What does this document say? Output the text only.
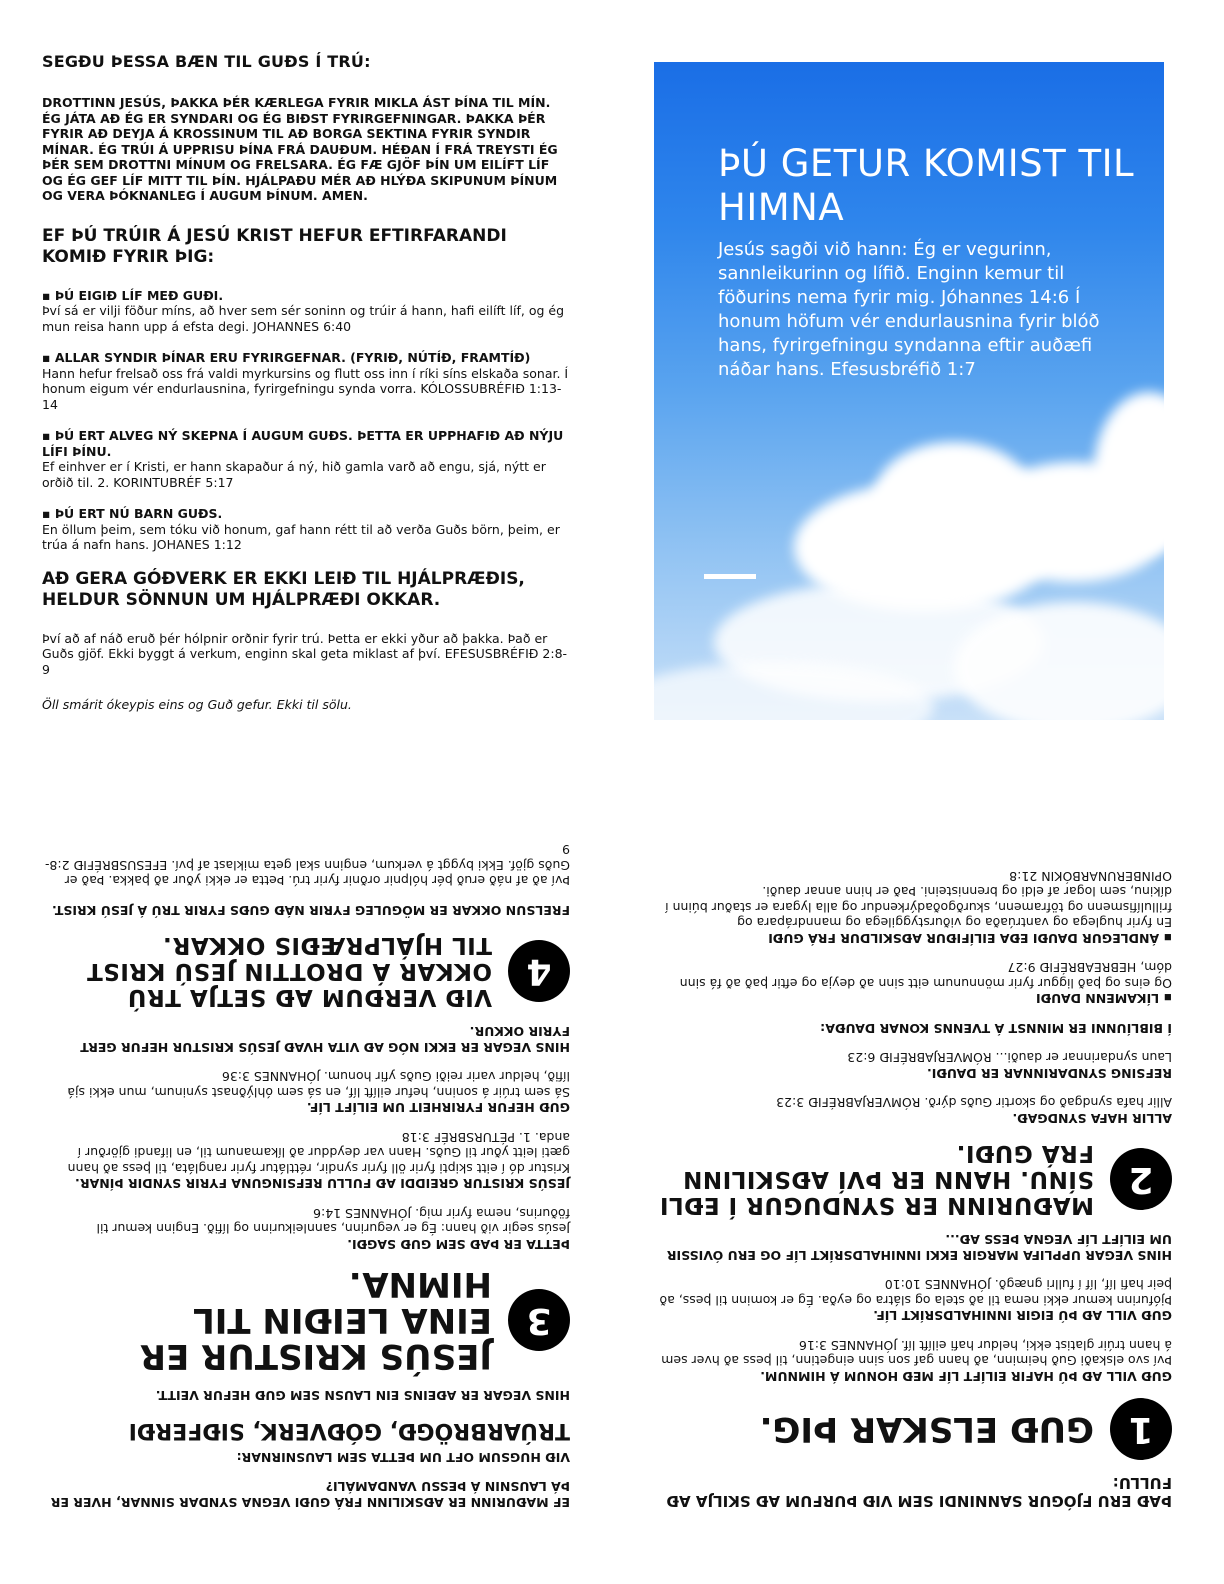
SEGÐU ÞESSA BÆN TIL GUÐS Í TRÚ:
DROTTINN JESÚS, ÞAKKA ÞÉR KÆRLEGA FYRIR MIKLA ÁST ÞÍNA TIL MÍN. ÉG JÁTA AÐ ÉG ER SYNDARI OG ÉG BIÐST FYRIRGEFNINGAR. ÞAKKA ÞÉR FYRIR AÐ DEYJA Á KROSSINUM TIL AÐ BORGA SEKTINA FYRIR SYNDIR MÍNAR. ÉG TRÚI Á UPPRISU ÞÍNA FRÁ DAUÐUM. HÉÐAN Í FRÁ TREYSTI ÉG ÞÉR SEM DROTTNI MÍNUM OG FRELSARA. ÉG FÆ GJÖF ÞÍN UM EILÍFT LÍF OG ÉG GEF LÍF MITT TIL ÞÍN. HJÁLPAÐU MÉR AÐ HLÝÐA SKIPUNUM ÞÍNUM OG VERA ÞÓKNANLEG Í AUGUM ÞÍNUM. AMEN.
EF ÞÚ TRÚIR Á JESÚ KRIST HEFUR EFTIRFARANDI KOMIÐ FYRIR ÞIG:
▪ ÞÚ EIGIÐ LÍF MEÐ GUÐI.
Því sá er vilji föður míns, að hver sem sér soninn og trúir á hann, hafi eilíft líf, og ég mun reisa hann upp á efsta degi. JOHANNES 6:40
▪ ALLAR SYNDIR ÞÍNAR ERU FYRIRGEFNAR. (FYRIÐ, NÚTÍÐ, FRAMTÍÐ)
Hann hefur frelsað oss frá valdi myrkursins og flutt oss inn í ríki síns elskaða sonar. Í honum eigum vér endurlausnina, fyrirgefningu synda vorra. KÓLOSSUBRÉFIÐ 1:13-14
▪ ÞÚ ERT ALVEG NÝ SKEPNA Í AUGUM GUÐS. ÞETTA ER UPPHAFIÐ AÐ NÝJU LÍFI ÞÍNU.
Ef einhver er í Kristi, er hann skapaður á ný, hið gamla varð að engu, sjá, nýtt er orðið til. 2. KORINTUBRÉF 5:17
▪ ÞÚ ERT NÚ BARN GUÐS.
En öllum þeim, sem tóku við honum, gaf hann rétt til að verða Guðs börn, þeim, er trúa á nafn hans. JOHANES 1:12
AÐ GERA GÓÐVERK ER EKKI LEIÐ TIL HJÁLPRÆÐIS, HELDUR SÖNNUN UM HJÁLPRÆÐI OKKAR.
Því að af náð eruð þér hólpnir orðnir fyrir trú. Þetta er ekki yður að þakka. Það er Guðs gjöf. Ekki byggt á verkum, enginn skal geta miklast af því. EFESUSBRÉFIÐ 2:8-9
Öll smárit ókeypis eins og Guð gefur. Ekki til sölu.
ÞÚ GETUR KOMIST TIL HIMNA
Jesús sagði við hann: Ég er vegurinn, sannleikurinn og lífið. Enginn kemur til föðurins nema fyrir mig. Jóhannes 14:6 Í honum höfum vér endurlausnina fyrir blóð hans, fyrirgefningu syndanna eftir auðæfi náðar hans. Efesusbréfið 1:7

ÞAÐ ERU FJÓGUR SANNINDI SEM VIÐ ÞURFUM AÐ SKILJA AÐ FULLU:

1
GUÐ ELSKAR ÞIG.

GUÐ VILL AÐ ÞÚ HAFIR EILÍFT LÍF MEÐ HONUM Á HIMNUM.
Því svo elskaði Guð heiminn, að hann gaf son sinn eingetinn, til þess að hver sem á hann trúir glatist ekki, heldur hafi eilíft líf. JÓHANNES 3:16

GUÐ VILL AÐ ÞÚ EIGIR INNIHALDSRÍKT LÍF.
Þjófurinn kemur ekki nema til að stela og slátra og eyða. Ég er kominn til þess, að þeir hafi líf, líf í fullri gnægð. JÓHANNES 10:10

HINS VEGAR UPPLIFA MARGIR EKKI INNIHALDSRÍKT LÍF OG ERU ÓVISSIR UM EILÍFT LÍF VEGNA ÞESS AÐ...

2
MAÐURINN ER SYNDUGUR Í EÐLI SÍNU. HANN ER ÞVÍ AÐSKILINN FRÁ GUÐI.

ALLIR HAFA SYNDGAÐ.
Allir hafa syndgað og skortir Guðs dýrð. RÓMVERJABRÉFIÐ 3:23

REFSING SYNDARINNAR ER DAUÐI.
Laun syndarinnar er dauði... RÓMVERJABRÉFIÐ 6:23

Í BIBLÍUNNI ER MINNST Á TVENNS KONAR DAUÐA:

▪ LÍKAMENN DAUÐI
Og eins og það liggur fyrir mönnunum eitt sinn að deyja og eftir það að fá sinn dóm, HEBREABRÉFIÐ 9:27

▪ ÁNDLEGUR DAUÐI EÐA EILÍFIÐUR AÐSKILDUR FRÁ GUÐI
En fyrir huglega og vantrúaða og viðurstyggilega og manndrápara og frillulífismenn og töframenn, skurðgoðadýrkendur og alla lygara er staður búinn í díkinu, sem logar af eldi og brennisteini. Það er hinn annar dauði. OPINBERUNARBÓKIN 21:8

EF MAÐURINN ER AÐSKILINN FRÁ GUÐI VEGNA SYNDAR SINNAR, HVER ER ÞÁ LAUSNIN Á ÞESSU VANDAMÁLI?

VIÐ HUGSUM OFT UM ÞETTA SEM LAUSNIRNAR:

TRÚARBRÖGÐ, GÓÐVERK, SIÐFERÐI

HINS VEGAR ER AÐEINS EIN LAUSN SEM GUÐ HEFUR VEITT.

3
JESÚS KRISTUR ER EINA LEIÐIN TIL HIMNA.

ÞETTA ER ÞAÐ SEM GUÐ SAGÐI.
Jesús segir við hann: Ég er vegurinn, sannleikurinn og lífið. Enginn kemur til föðurins, nema fyrir mig. JÓHANNES 14:6

JESÚS KRISTUR GREIDDI AÐ FULLU REFSINGUNA FYRIR SYNDIR ÞÍNAR.
Kristur dó í eitt skipti fyrir öll fyrir syndir, réttlátur fyrir rangláta, til þess að hann gæti leitt yður til Guðs. Hann var deyddur að líkamanum til, en lifandi gjörður í anda. 1. PÉTURSBRÉF 3:18

GUÐ HEFUR FYRIRHEIT UM EILÍFT LÍF.
Sá sem trúir á soninn, hefur eilíft líf, en sá sem óhlýðnast syninum, mun ekki sjá lífið, heldur varir reiði Guðs yfir honum. JÓHANNES 3:36

HINS VEGAR ER EKKI NÓG AÐ VITA HVAÐ JESÚS KRISTUR HEFUR GERT FYRIR OKKUR.

4
VIÐ VERÐUM AÐ SETJA TRÚ OKKAR Á DROTTIN JESÚ KRIST TIL HJÁLPRÆÐIS OKKAR.

FRELSUN OKKAR ER MÖGULEG FYRIR NÁÐ GUÐS FYRIR TRÚ Á JESÚ KRIST.

Því að af náð eruð þér hólpnir orðnir fyrir trú. Þetta er ekki yður að þakka. Það er Guðs gjöf. Ekki byggt á verkum, enginn skal geta miklast af því. EFESUSBRÉFIÐ 2:8-9
